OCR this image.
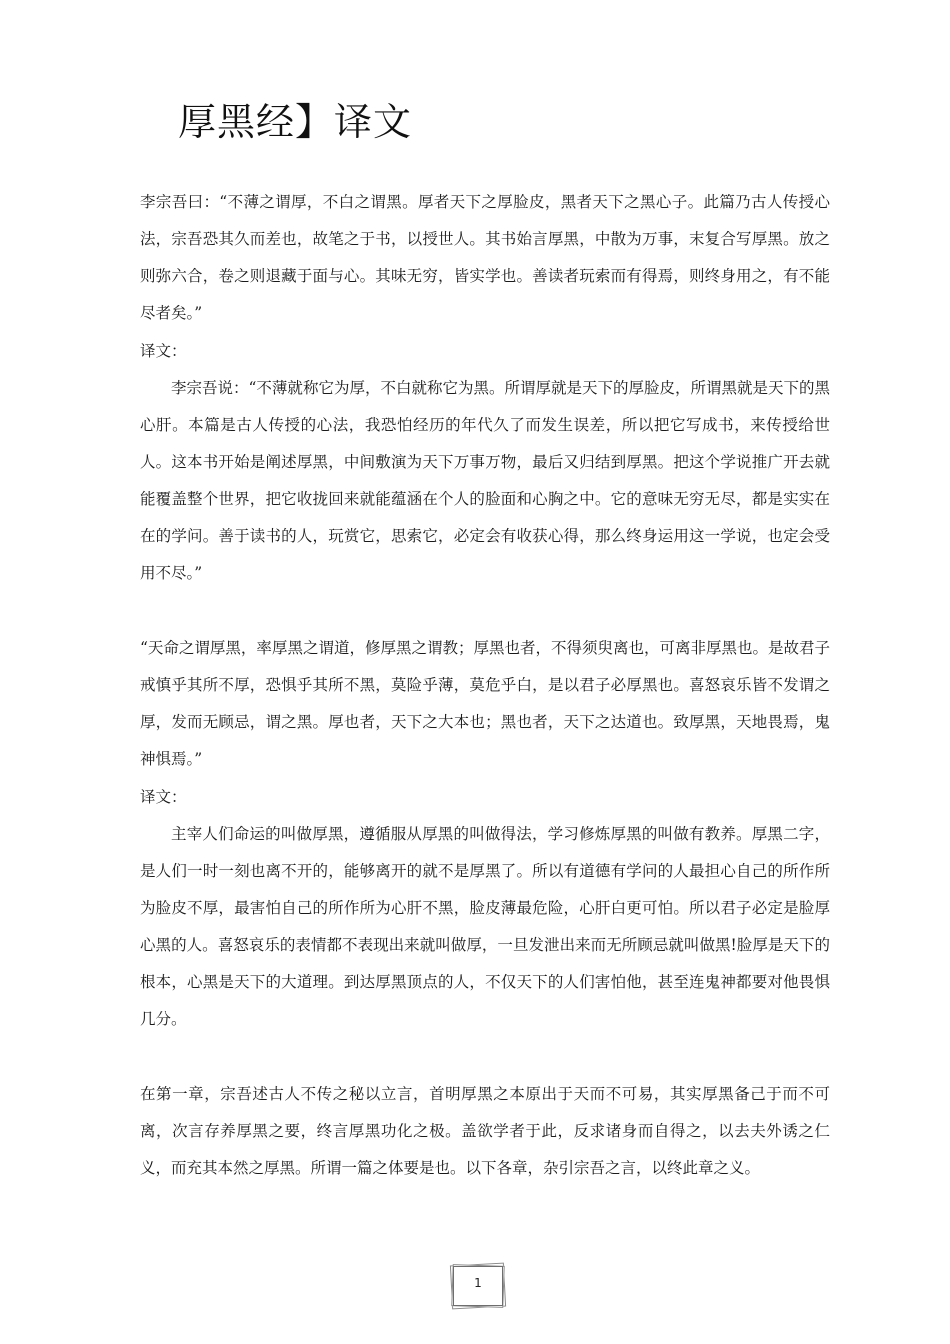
厚黑经】译文
李宗吾曰：“不薄之谓厚，不白之谓黑。厚者天下之厚脸皮，黑者天下之黑心子。此篇乃古人传授心法，宗吾恐其久而差也，故笔之于书，以授世人。其书始言厚黑，中散为万事，末复合写厚黑。放之则弥六合，卷之则退藏于面与心。其味无穷，皆实学也。善读者玩索而有得焉，则终身用之，有不能尽者矣。”
译文：
李宗吾说：“不薄就称它为厚，不白就称它为黑。所谓厚就是天下的厚脸皮，所谓黑就是天下的黑心肝。本篇是古人传授的心法，我恐怕经历的年代久了而发生误差，所以把它写成书，来传授给世人。这本书开始是阐述厚黑，中间敷演为天下万事万物，最后又归结到厚黑。把这个学说推广开去就能覆盖整个世界，把它收拢回来就能蕴涵在个人的脸面和心胸之中。它的意味无穷无尽，都是实实在在的学问。善于读书的人，玩赏它，思索它，必定会有收获心得，那么终身运用这一学说，也定会受用不尽。”
“天命之谓厚黑，率厚黑之谓道，修厚黑之谓教；厚黑也者，不得须臾离也，可离非厚黑也。是故君子戒慎乎其所不厚，恐惧乎其所不黑，莫险乎薄，莫危乎白，是以君子必厚黑也。喜怒哀乐皆不发谓之厚，发而无顾忌，谓之黑。厚也者，天下之大本也；黑也者，天下之达道也。致厚黑，天地畏焉，鬼神惧焉。”
译文：
主宰人们命运的叫做厚黑，遵循服从厚黑的叫做得法，学习修炼厚黑的叫做有教养。厚黑二字，是人们一时一刻也离不开的，能够离开的就不是厚黑了。所以有道德有学问的人最担心自己的所作所为脸皮不厚，最害怕自己的所作所为心肝不黑，脸皮薄最危险，心肝白更可怕。所以君子必定是脸厚心黑的人。喜怒哀乐的表情都不表现出来就叫做厚，一旦发泄出来而无所顾忌就叫做黑!脸厚是天下的根本，心黑是天下的大道理。到达厚黑顶点的人，不仅天下的人们害怕他，甚至连鬼神都要对他畏惧几分。
在第一章，宗吾述古人不传之秘以立言，首明厚黑之本原出于天而不可易，其实厚黑备己于而不可离，次言存养厚黑之要，终言厚黑功化之极。盖欲学者于此，反求诸身而自得之，以去夫外诱之仁义，而充其本然之厚黑。所谓一篇之体要是也。以下各章，杂引宗吾之言，以终此章之义。
1
